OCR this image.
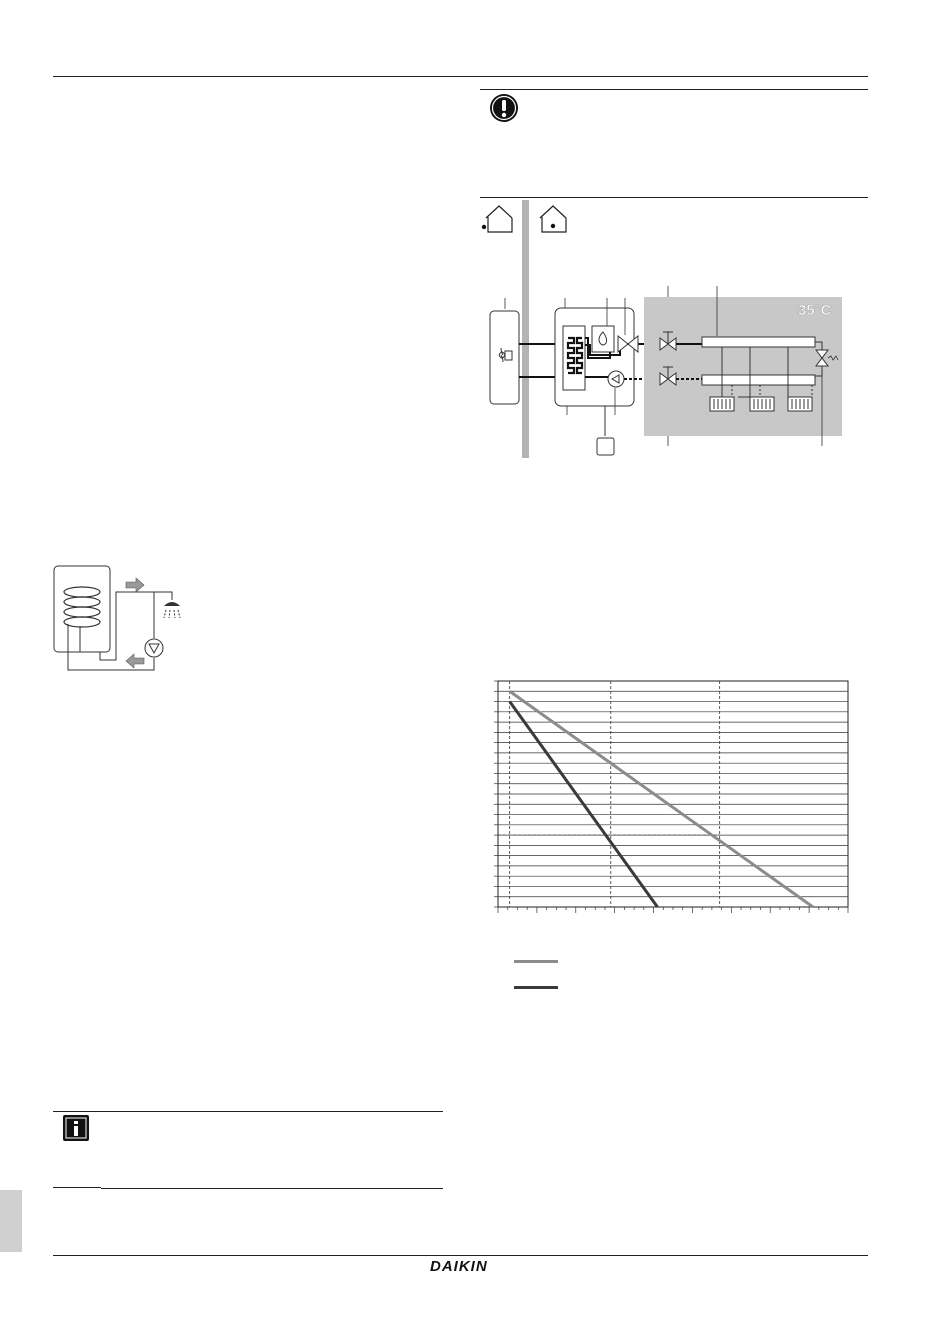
35°C
DAIKIN
